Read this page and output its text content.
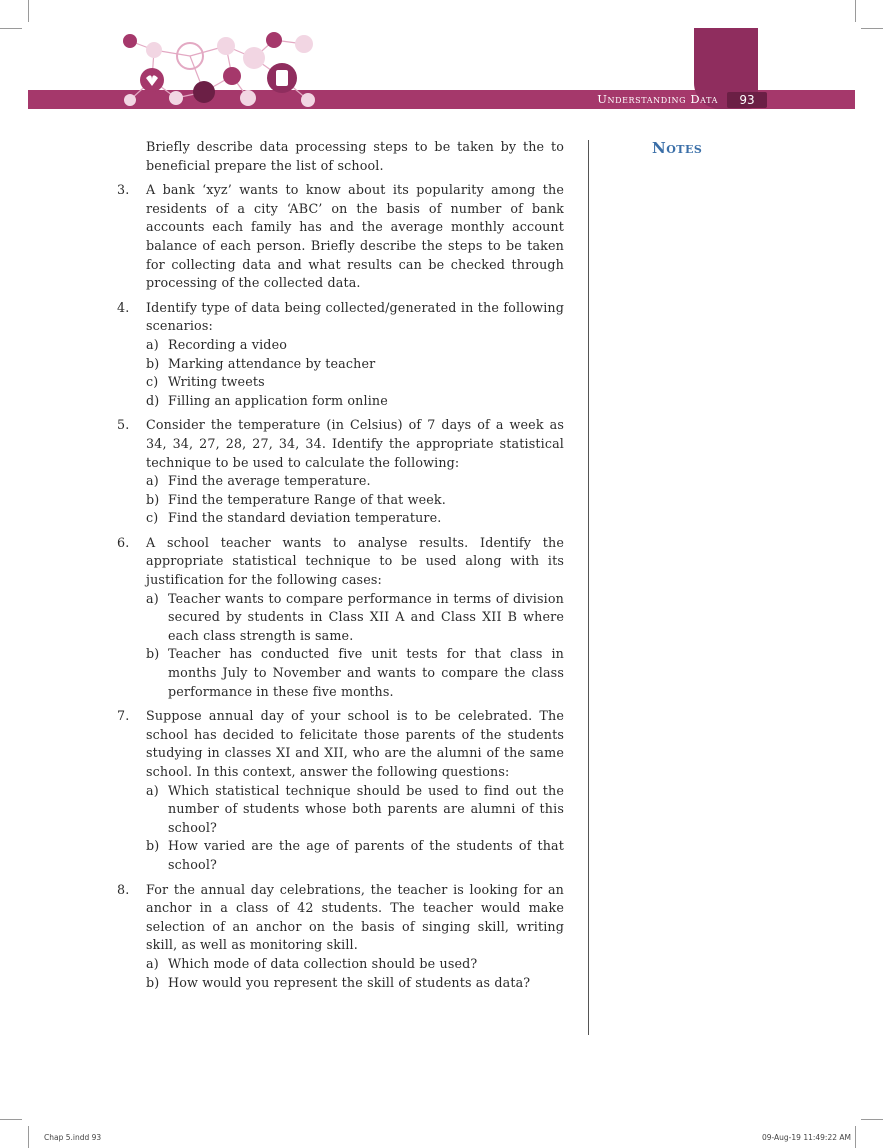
Understanding Data	93
Notes
Briefly describe data processing steps to be taken by the to beneficial prepare the list of school.
3.	A bank ‘xyz’ wants to know about its popularity among the residents of a city ‘ABC’ on the basis of number of bank accounts each family has and the average monthly account balance of each person. Briefly describe the steps to be taken for collecting data and what results can be checked through processing of the collected data.
4.	Identify type of data being collected/generated in the following scenarios:
a) Recording a video
b) Marking attendance by teacher
c) Writing tweets
d) Filling an application form online
5.	Consider the temperature (in Celsius) of 7 days of a week as 34, 34, 27, 28, 27, 34, 34. Identify the appropriate statistical technique to be used to calculate the following:
a) Find the average temperature.
b) Find the temperature Range of that week.
c) Find the standard deviation temperature.
6.	A school teacher wants to analyse results. Identify the appropriate statistical technique to be used along with its justification for the following cases:
a) Teacher wants to compare performance in terms of division secured by students in Class XII A and Class XII B where each class strength is same.
b) Teacher has conducted five unit tests for that class in months July to November and wants to compare the class performance in these five months.
7.	Suppose annual day of your school is to be celebrated. The school has decided to felicitate those parents of the students studying in classes XI and XII, who are the alumni of the same school. In this context, answer the following questions:
a) Which statistical technique should be used to find out the number of students whose both parents are alumni of this school?
b) How varied are the age of parents of the students of that school?
8.	For the annual day celebrations, the teacher is looking for an anchor in a class of 42 students. The teacher would make selection of an anchor on the basis of singing skill, writing skill, as well as monitoring skill.
a) Which mode of data collection should be used?
b) How would you represent the skill of students as data?
Chap 5.indd 93	09-Aug-19 11:49:22 AM
